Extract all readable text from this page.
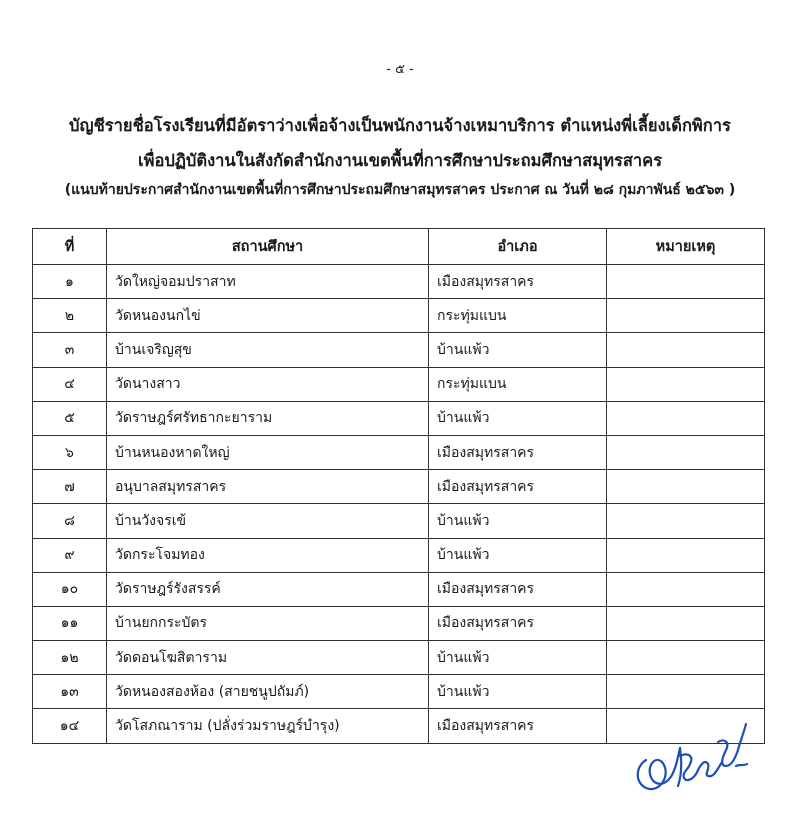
- ๕ -
บัญชีรายชื่อโรงเรียนที่มีอัตราว่างเพื่อจ้างเป็นพนักงานจ้างเหมาบริการ ตำแหน่งพี่เลี้ยงเด็กพิการ
เพื่อปฏิบัติงานในสังกัดสำนักงานเขตพื้นที่การศึกษาประถมศึกษาสมุทรสาคร
(แนบท้ายประกาศสำนักงานเขตพื้นที่การศึกษาประถมศึกษาสมุทรสาคร ประกาศ ณ วันที่ ๒๘ กุมภาพันธ์ ๒๕๖๓ )
ที่	สถานศึกษา	อำเภอ	หมายเหตุ
๑	วัดใหญ่จอมปราสาท	เมืองสมุทรสาคร	
๒	วัดหนองนกไข่	กระทุ่มแบน	
๓	บ้านเจริญสุข	บ้านแพ้ว	
๔	วัดนางสาว	กระทุ่มแบน	
๕	วัดราษฎร์ศรัทธากะยาราม	บ้านแพ้ว	
๖	บ้านหนองหาดใหญ่	เมืองสมุทรสาคร	
๗	อนุบาลสมุทรสาคร	เมืองสมุทรสาคร	
๘	บ้านวังจรเข้	บ้านแพ้ว	
๙	วัดกระโจมทอง	บ้านแพ้ว	
๑๐	วัดราษฎร์รังสรรค์	เมืองสมุทรสาคร	
๑๑	บ้านยกกระบัตร	เมืองสมุทรสาคร	
๑๒	วัดดอนโฆสิตาราม	บ้านแพ้ว	
๑๓	วัดหนองสองห้อง (สายชนูปถัมภ์)	บ้านแพ้ว	
๑๔	วัดโสภณาราม (ปลั่งร่วมราษฎร์บำรุง)	เมืองสมุทรสาคร	
